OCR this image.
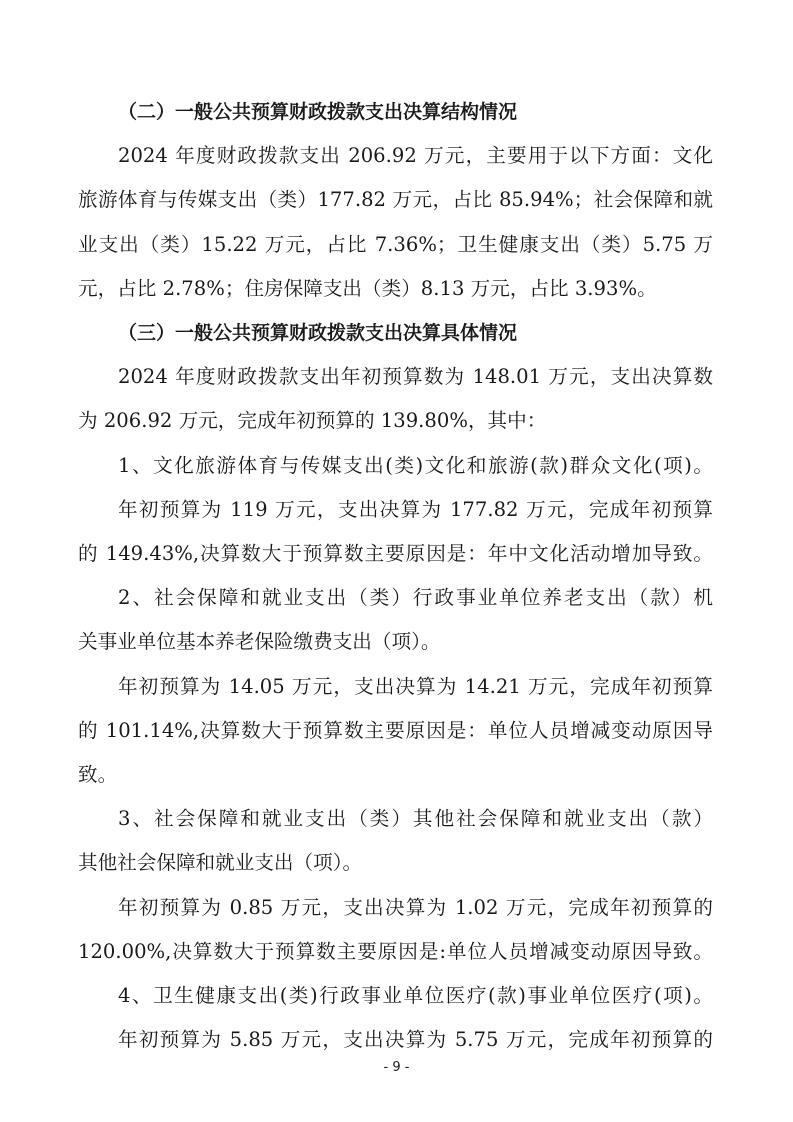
（二）一般公共预算财政拨款支出决算结构情况
2024 年度财政拨款支出 206.92 万元，主要用于以下方面：文化
旅游体育与传媒支出（类）177.82 万元，占比 85.94%；社会保障和就
业支出（类）15.22 万元，占比 7.36%；卫生健康支出（类）5.75 万
元，占比 2.78%；住房保障支出（类）8.13 万元，占比 3.93%。
（三）一般公共预算财政拨款支出决算具体情况
2024 年度财政拨款支出年初预算数为 148.01 万元，支出决算数
为 206.92 万元，完成年初预算的 139.80%，其中：
1、文化旅游体育与传媒支出(类)文化和旅游(款)群众文化(项)。
年初预算为 119 万元，支出决算为 177.82 万元，完成年初预算
的 149.43%,决算数大于预算数主要原因是：年中文化活动增加导致。
2、社会保障和就业支出（类）行政事业单位养老支出（款）机
关事业单位基本养老保险缴费支出（项）。
年初预算为 14.05 万元，支出决算为 14.21 万元，完成年初预算
的 101.14%,决算数大于预算数主要原因是：单位人员增减变动原因导
致。
3、社会保障和就业支出（类）其他社会保障和就业支出（款）
其他社会保障和就业支出（项）。
年初预算为 0.85 万元，支出决算为 1.02 万元，完成年初预算的
120.00%,决算数大于预算数主要原因是:单位人员增减变动原因导致。
- 9 -
4、卫生健康支出(类)行政事业单位医疗(款)事业单位医疗(项)。
年初预算为 5.85 万元，支出决算为 5.75 万元，完成年初预算的
